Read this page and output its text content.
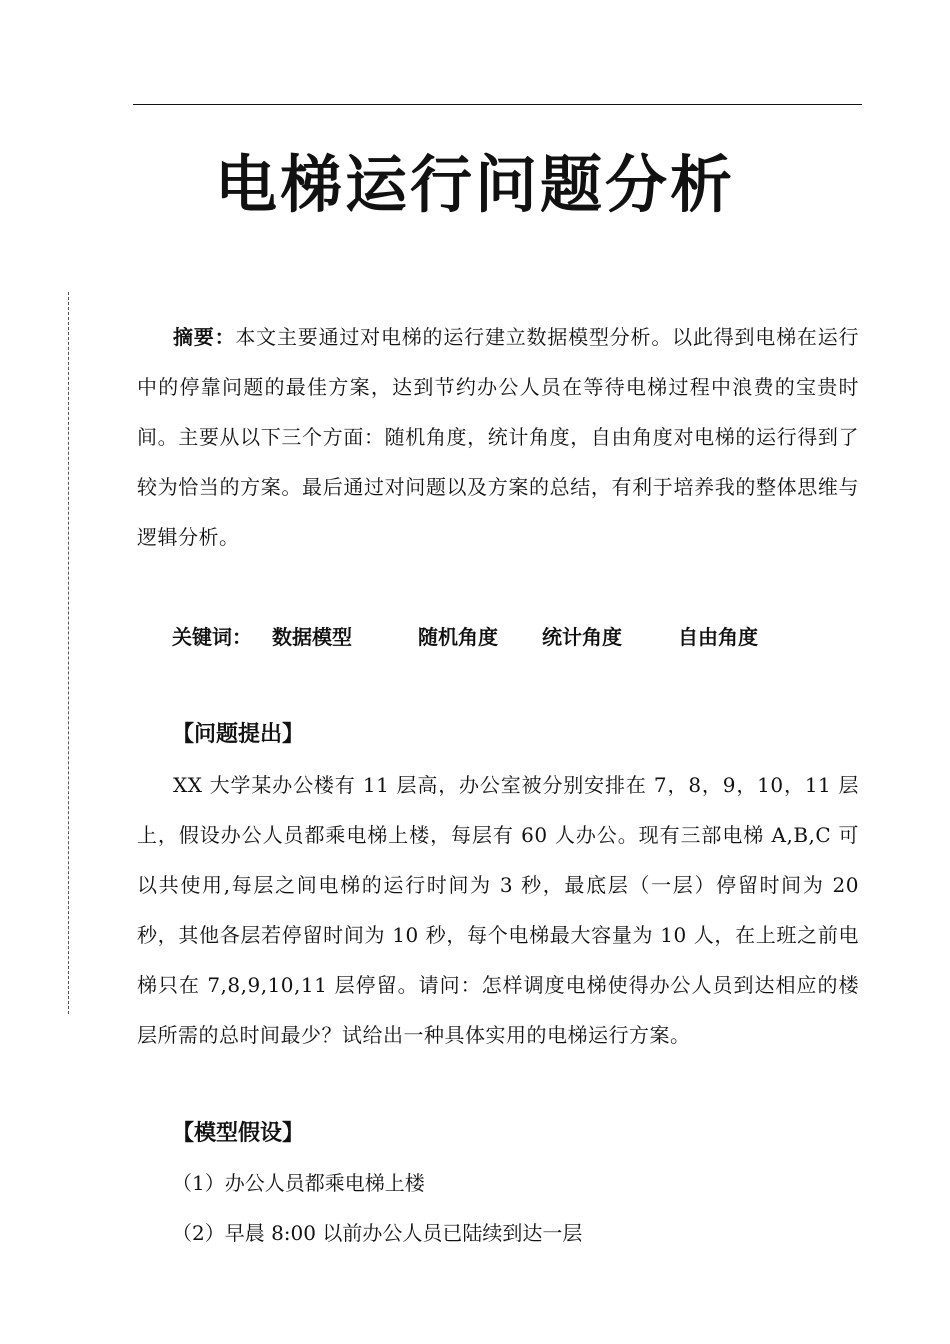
电梯运行问题分析

摘要：本文主要通过对电梯的运行建立数据模型分析。以此得到电梯在运行中的停靠问题的最佳方案，达到节约办公人员在等待电梯过程中浪费的宝贵时间。主要从以下三个方面：随机角度，统计角度，自由角度对电梯的运行得到了较为恰当的方案。最后通过对问题以及方案的总结，有利于培养我的整体思维与逻辑分析。

关键词： 数据模型	随机角度 统计角度	自由角度
【问题提出】

XX 大学某办公楼有 11 层高，办公室被分别安排在 7，8，9，10，11 层上，假设办公人员都乘电梯上楼，每层有 60 人办公。现有三部电梯 A,B,C 可以共使用,每层之间电梯的运行时间为 3 秒，最底层（一层）停留时间为 20 秒，其他各层若停留时间为 10 秒，每个电梯最大容量为 10 人，在上班之前电梯只在 7,8,9,10,11 层停留。请问：怎样调度电梯使得办公人员到达相应的楼层所需的总时间最少？试给出一种具体实用的电梯运行方案。

【模型假设】

（1）办公人员都乘电梯上楼

（2）早晨 8:00 以前办公人员已陆续到达一层
